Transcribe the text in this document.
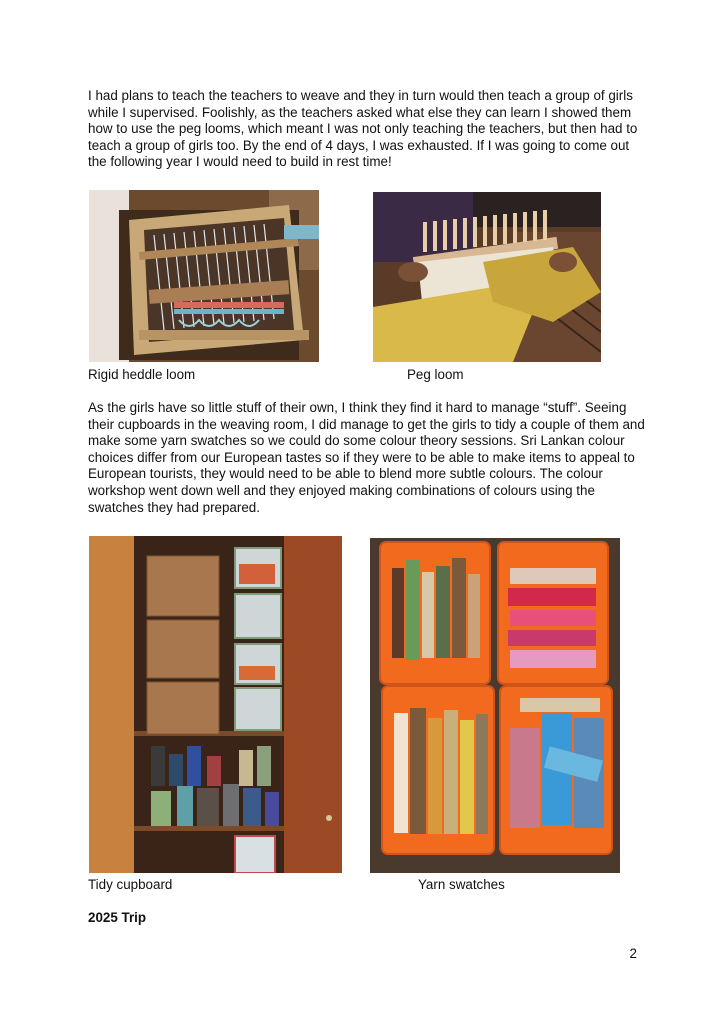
I had plans to teach the teachers to weave and they in turn would then teach a group of girls while I supervised. Foolishly, as the teachers asked what else they can learn I showed them how to use the peg looms, which meant I was not only teaching the teachers, but then had to teach a group of girls too. By the end of 4 days, I was exhausted. If I was going to come out the following year I would need to build in rest time!

Rigid heddle loom	Peg loom

As the girls have so little stuff of their own, I think they find it hard to manage “stuff”. Seeing their cupboards in the weaving room, I did manage to get the girls to tidy a couple of them and make some yarn swatches so we could do some colour theory sessions. Sri Lankan colour choices differ from our European tastes so if they were to be able to make items to appeal to European tourists, they would need to be able to blend more subtle colours. The colour workshop went down well and they enjoyed making combinations of colours using the swatches they had prepared.

Tidy cupboard	Yarn swatches
2025 Trip
2
